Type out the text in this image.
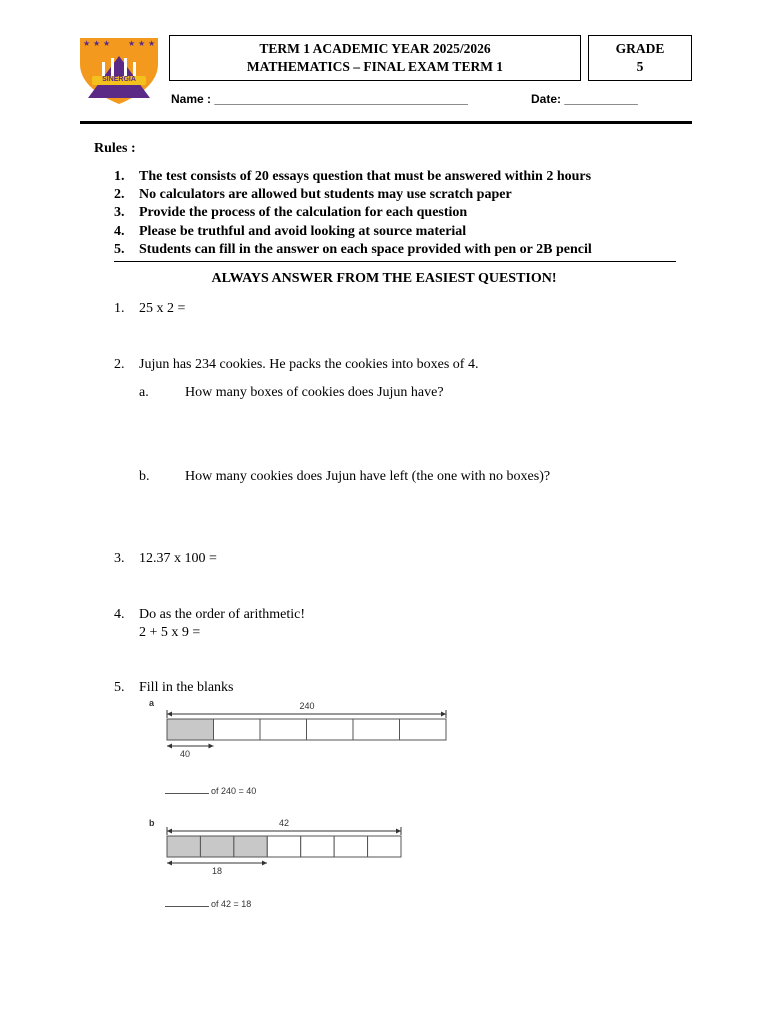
★ ★ ★ ★ ★ ★
SINERGIA
TERM 1 ACADEMIC YEAR 2025/2026
MATHEMATICS – FINAL EXAM TERM 1
GRADE
5
Name : ______________________________________	Date: ___________
Rules :
1. The test consists of 20 essays question that must be answered within 2 hours
2. No calculators are allowed but students may use scratch paper
3. Provide the process of the calculation for each question
4. Please be truthful and avoid looking at source material
5. Students can fill in the answer on each space provided with pen or 2B pencil
ALWAYS ANSWER FROM THE EASIEST QUESTION!
1. 25 x 2 =
2. Jujun has 234 cookies. He packs the cookies into boxes of 4.
a.	How many boxes of cookies does Jujun have?
b.	How many cookies does Jujun have left (the one with no boxes)?
3. 12.37 x 100 =
4. Do as the order of arithmetic!
2 + 5 x 9 =
5. Fill in the blanks
a	240
40
of 240 = 40
b	42
18
of 42 = 18
